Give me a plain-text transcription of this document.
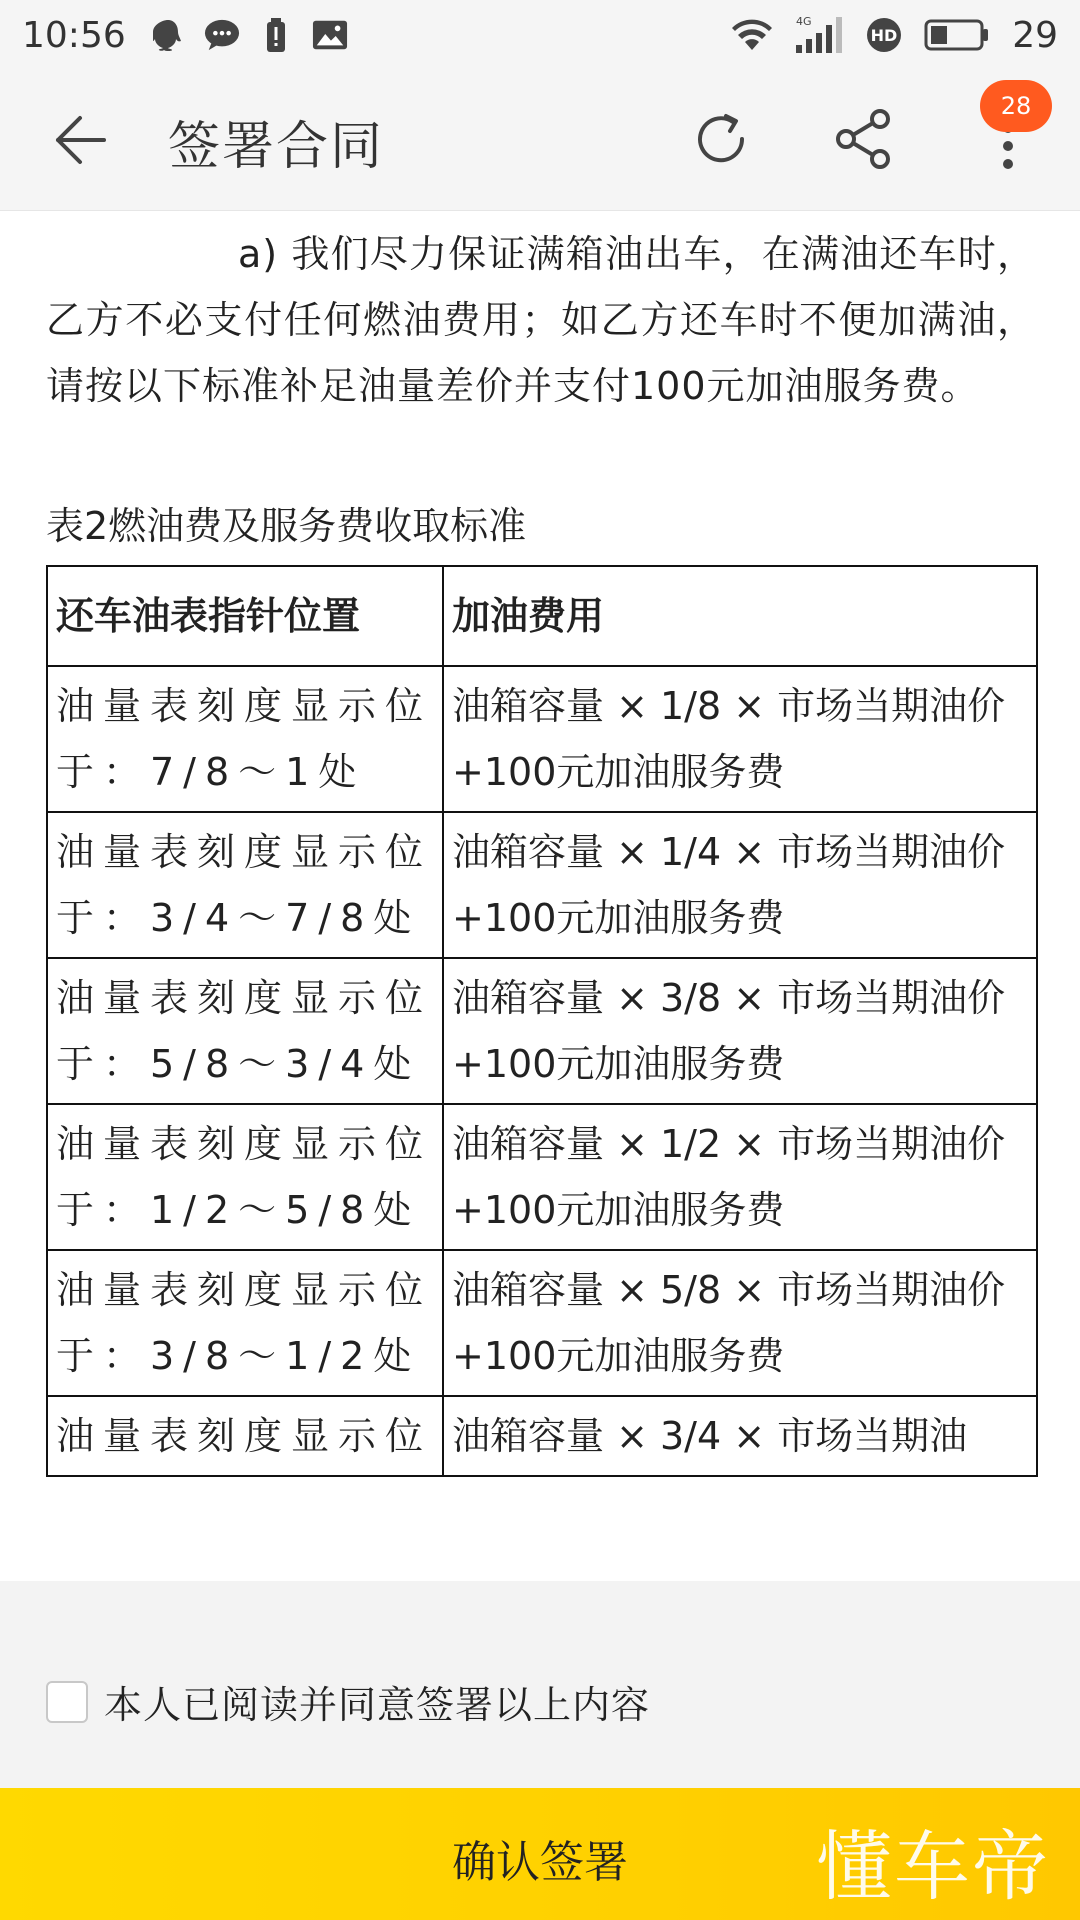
10:56	4G
HD	29
签署合同
28
a) 我们尽力保证满箱油出车，在满油还车时，乙方不必支付任何燃油费用；如乙方还车时不便加满油，请按以下标准补足油量差价并支付100元加油服务费。
表2燃油费及服务费收取标准
还车油表指针位置	加油费用
油量表刻度显示位于：7/8～1处	油箱容量 × 1/8 × 市场当期油价 +100元加油服务费
油量表刻度显示位于：3/4～7/8处	油箱容量 × 1/4 × 市场当期油价 +100元加油服务费
油量表刻度显示位于：5/8～3/4处	油箱容量 × 3/8 × 市场当期油价 +100元加油服务费
油量表刻度显示位于：1/2～5/8处	油箱容量 × 1/2 × 市场当期油价 +100元加油服务费
油量表刻度显示位于：3/8～1/2处	油箱容量 × 5/8 × 市场当期油价 +100元加油服务费
油量表刻度显示位	油箱容量 × 3/4 × 市场当期油
本人已阅读并同意签署以上内容
确认签署	懂车帝
